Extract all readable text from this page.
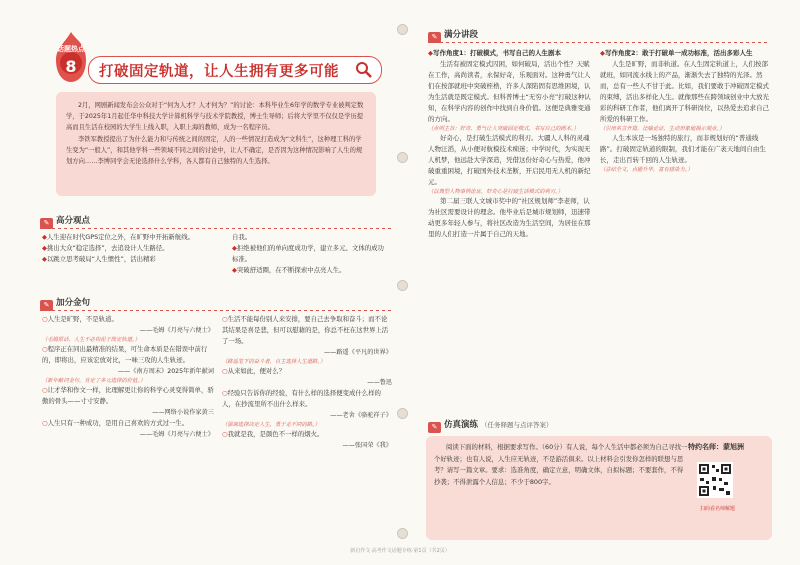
话题热点
8	打破固定轨道，让人生拥有更多可能
2月，网剧新闻发布会公众对于“何为人才？人才何为？”的讨论：本科毕业生6年学的数学专业被判定数学，于2025年1月起任华中科技大学计算机科学与技术学院教授，博士生导师；后将大学里不仅仅是学历提高而且生活在校园的大学生上线入职，入职上海的教师，成为一名程序员。
李铁军教授提出了为什么能力和与传统之间的固定，人的一些情况打造成为“文科生”，这种理工科的学生变为“一般人”，和其他学科一些领域不同之间的讨论中，让人不确定，是否因为这种情况影响了人生的规划方向……李博同学会无论选择什么学科，各人都有自己独特的人生选择。
✎ 高分观点
◆人生迎在时代GPS定位之外，在旷野中开拓新航线。
◆挑出大众“稳定选择”，去追设计人生路径。
◆以跳立思考破局“人生惯性”，活出精彩
自我。
◆拒绝被他们的单向度成功学，建立多元、文体的成功标准。
◆突破舒适圈，在不断探索中点亮人生。
✎ 加分金句
○人生是旷野，不是轨道。
——毛姆《月亮与六便士》
（毛姆原话，人生不必拘泥于既定轨道。）
○程序正在同出最精准的结果，可生命本质是在错误中前行的，即将出，应该宏放对比，一味三攻的人生轨迹。
——《南方周末》2025年新年献词
（新年献词金句，肯定了多元选择的价值。）
○让才华和作文一样，比理解更让你的科学心灵变得简单，骄傲的骨头——寸寸安静。
——网络小说作家黄三
○人生只有一种成功，是用自己喜欢的方式过一生。
——毛姆《月亮与六便士》
○生活不能每份别人来安排，要自己去争取和奋斗；而不论其结果是喜是悲，但可以慰藉的是，你总不枉在这世界上活了一场。
——路遥《平凡的世界》
（路遥笔下的奋斗者，自主选择人生道路。）
○从来如此，便对么？
——鲁迅
○经验只告诉你的经验，有什么样的选择便变成什么样的人，在抄流里所不出什么样来。
——老舍《骆驼祥子》
（强调选择决定人生，勇于走不同的路。）
○我就是我，是颜色不一样的烟火。
——张国荣《我》
✎ 满分讲段
◆写作角度1：打破模式，书写自己的人生剧本
生活有被固定模式囚困，如何破局，活出个性？天赋在工作，高尚读者，永保好奇，乐观面对。这种勇气让人们在按部就班中突破桎梏，许多人深陷固有思维困境，认为生活就是既定模式。但科普博士“无穷小亮”打破这种认知，在科学内容的创作中找到自身价值。这便是典雅变通的方向。
（点明主旨：好奇、勇气让人突破固定模式，书写自己的剧本。）
好奇心，是打破生活模式的利刃。大疆人人科的灵魂人物汪滔，从小便对航模技术痴迷；中学时代，为实现无人机梦，他远赴大学深造，凭借这份好奇心与热爱，他冲破重重困境，打破国外技术垄断，开启民用无人机的新纪元。
（以典型人物事例论证，好奇心是打破生活模式的利刃。）
第二届三联人文城市奖中的“社区规划师”李老师，认为社区需要设计的理念。他毕业后是城市规划师，迅速带动更多年轻人参与，将社区改造为生活空间，为居住在那里的人们打造一片属于自己的天地。
◆写作角度2：敢于打破单一成功标准，活出多彩人生
人生是旷野，而非轨道。在人生固定轨道上，人们按部就班，如同流水线上的产品，渐渐失去了独特的光泽。然而，总有一些人不甘于此。比如，我们要敢于冲破固定模式的束缚，活出多样化人生。就像那些在跨领域创业中大放光彩的科研工作者，他们离开了科研岗位，以热爱去追求自己所爱的科研工作。
（引用名言开篇，比喻论证，生动形象地揭示观点。）
人生本该是一场独特的旅行，而非规划好的“普通线路”。打破固定轨道的限制，我们才能在广袤天地间自由生长，走出百转千回的人生轨迹。
（总结全文，点题升华，富有感染力。）
✎ 仿真演练 （任务释题与点评答案）
阅读下面的材料，根据要求写作。（60分）有人说，每个人生活中都必须为自己寻找一个好轨迹；也有人说，人生应无轨迹，不是游活俱来。以上材料会引发你怎样的联想与思考？请写一篇文章。要求：选准角度，确定立意，明确文体，自拟标题；不要套作，不得抄袭；不得泄露个人信息；不少于800字。
特约名师：蒙旭洲
扫码看名师解题
新启作文·高考作文话题专练·第1页（共2页）
